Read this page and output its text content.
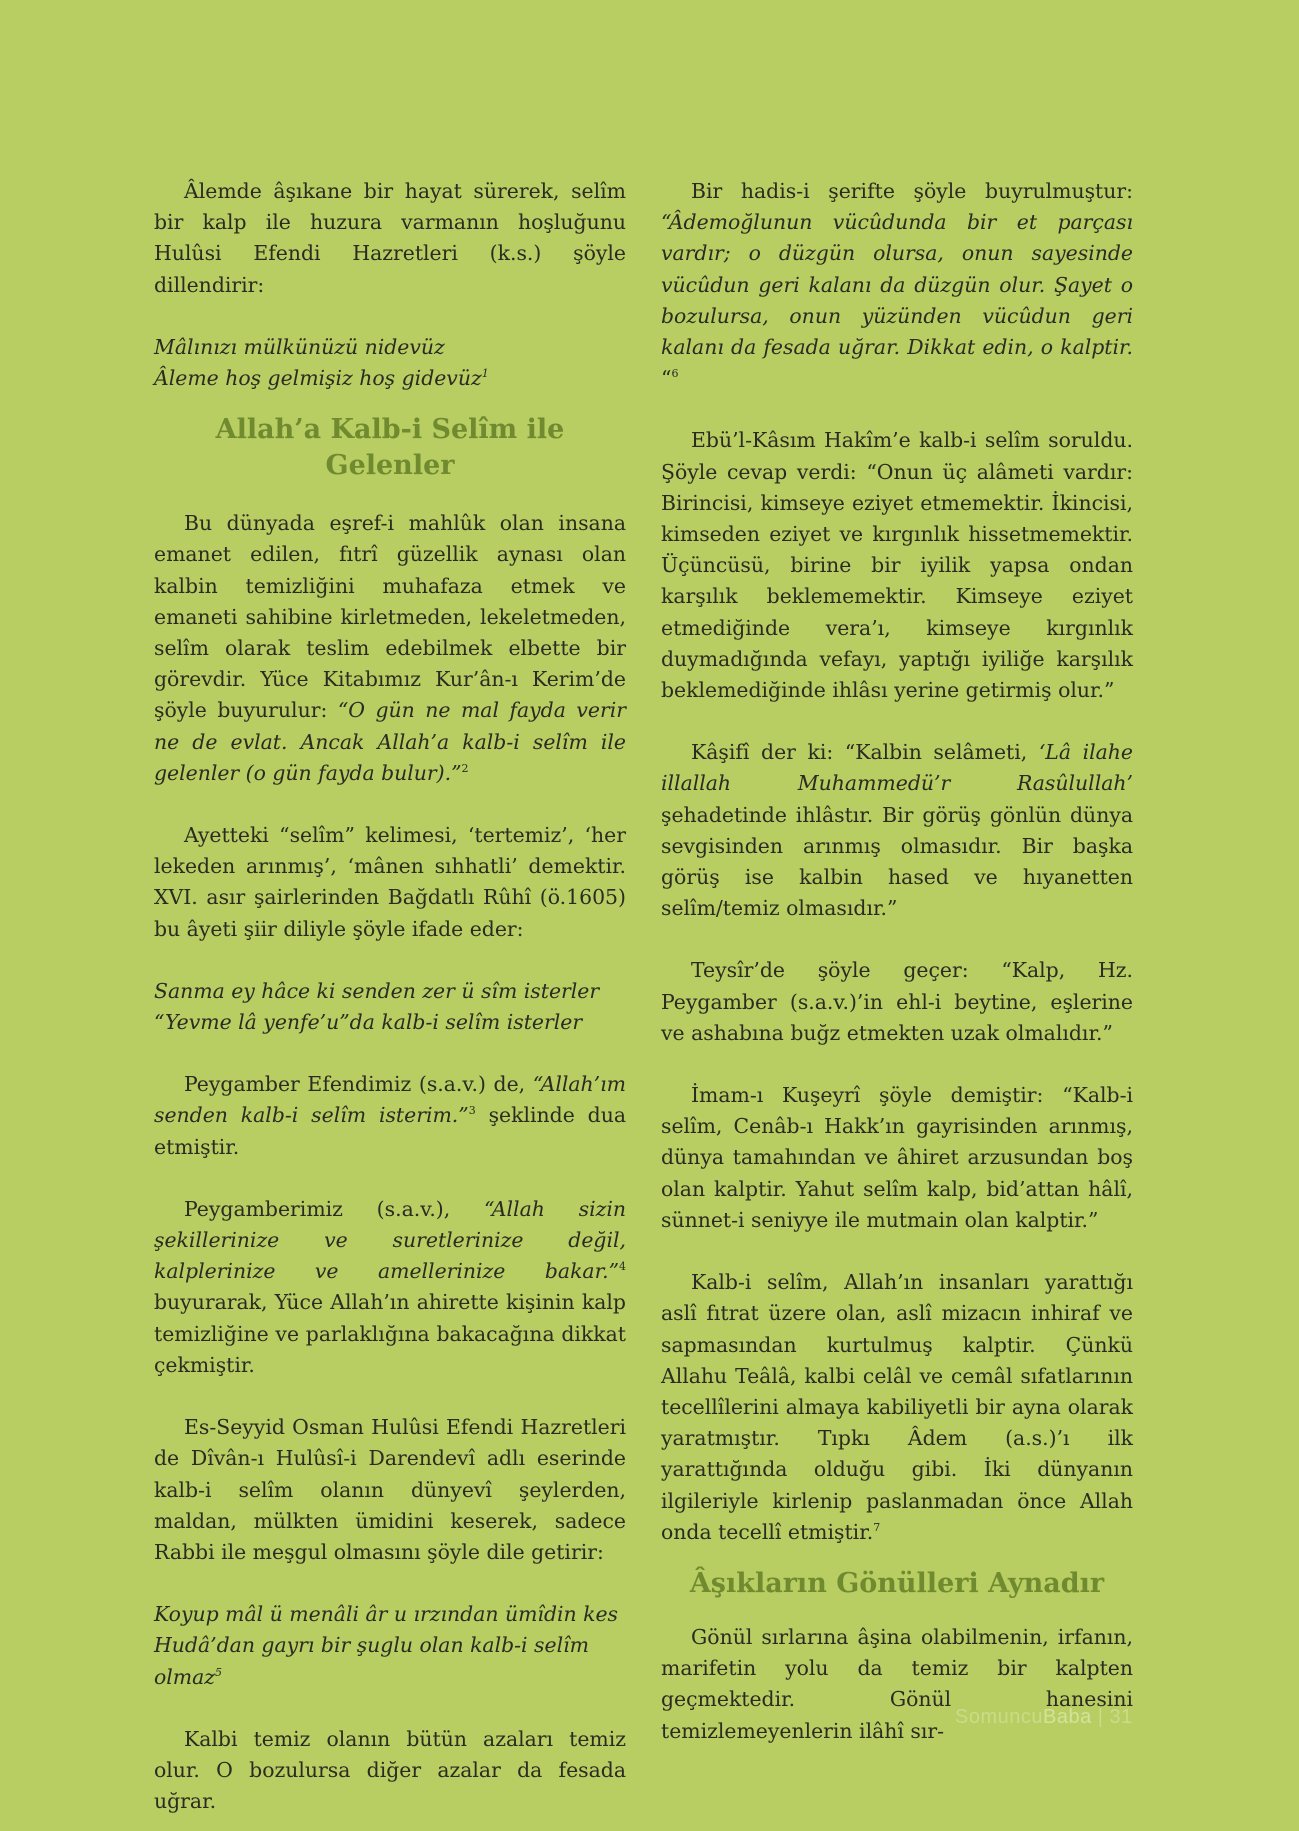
Âlemde âşıkane bir hayat sürerek, selîm bir kalp ile huzura varmanın hoşluğunu Hulûsi Efendi Hazretleri (k.s.) şöyle dillendirir:

Mâlınızı mülkünüzü nidevüz

Âleme hoş gelmişiz hoş gidevüz$^1$

Allah’a Kalb-i Selîm ile Gelenler

Bu dünyada eşref-i mahlûk olan insana emanet edilen, fıtrî güzellik aynası olan kalbin temizliğini muhafaza etmek ve emaneti sahibine kirletmeden, lekeletmeden, selîm olarak teslim edebilmek elbette bir görevdir. Yüce Kitabımız Kur’ân-ı Kerim’de şöyle buyurulur: “O gün ne mal fayda verir ne de evlat. Ancak Allah’a kalb-i selîm ile gelenler (o gün fayda bulur).”$^2$

Ayetteki “selîm” kelimesi, ‘tertemiz’, ‘her lekeden arınmış’, ‘mânen sıhhatli’ demektir. XVI. asır şairlerinden Bağdatlı Rûhî (ö.1605) bu âyeti şiir diliyle şöyle ifade eder:

Sanma ey hâce ki senden zer ü sîm isterler

“Yevme lâ yenfe’u”da kalb-i selîm isterler

Peygamber Efendimiz (s.a.v.) de, “Allah’ım senden kalb-i selîm isterim.”$^3$ şeklinde dua etmiştir.

Peygamberimiz (s.a.v.), “Allah sizin şekillerinize ve suretlerinize değil, kalplerinize ve amellerinize bakar.”$^4$ buyurarak, Yüce Allah’ın ahirette kişinin kalp temizliğine ve parlaklığına bakacağına dikkat çekmiştir.

Es-Seyyid Osman Hulûsi Efendi Hazretleri de Dîvân-ı Hulûsî-i Darendevî adlı eserinde kalb-i selîm olanın dünyevî şeylerden, maldan, mülkten ümidini keserek, sadece Rabbi ile meşgul olmasını şöyle dile getirir:

Koyup mâl ü menâli âr u ırzından ümîdin kes

Hudâ’dan gayrı bir şuglu olan kalb-i selîm olmaz$^5$

Kalbi temiz olanın bütün azaları temiz olur. O bozulursa diğer azalar da fesada uğrar.

Bir hadis-i şerifte şöyle buyrulmuştur: “Âdemoğlunun vücûdunda bir et parçası vardır; o düzgün olursa, onun sayesinde vücûdun geri kalanı da düzgün olur. Şayet o bozulursa, onun yüzünden vücûdun geri kalanı da fesada uğrar. Dikkat edin, o kalptir. “$^6$

Ebü’l-Kâsım Hakîm’e kalb-i selîm soruldu. Şöyle cevap verdi: “Onun üç alâmeti vardır: Birincisi, kimseye eziyet etmemektir. İkincisi, kimseden eziyet ve kırgınlık hissetmemektir. Üçüncüsü, birine bir iyilik yapsa ondan karşılık beklememektir. Kimseye eziyet etmediğinde vera’ı, kimseye kırgınlık duymadığında vefayı, yaptığı iyiliğe karşılık beklemediğinde ihlâsı yerine getirmiş olur.”

Kâşifî der ki: “Kalbin selâmeti, ‘Lâ ilahe illallah Muhammedü’r Rasûlullah’ şehadetinde ihlâstır. Bir görüş gönlün dünya sevgisinden arınmış olmasıdır. Bir başka görüş ise kalbin hased ve hıyanetten selîm/temiz olmasıdır.”

Teysîr’de şöyle geçer: “Kalp, Hz. Peygamber (s.a.v.)’in ehl-i beytine, eşlerine ve ashabına buğz etmekten uzak olmalıdır.”

İmam-ı Kuşeyrî şöyle demiştir: “Kalb-i selîm, Cenâb-ı Hakk’ın gayrisinden arınmış, dünya tamahından ve âhiret arzusundan boş olan kalptir. Yahut selîm kalp, bid’attan hâlî, sünnet-i seniyye ile mutmain olan kalptir.”

Kalb-i selîm, Allah’ın insanları yarattığı aslî fıtrat üzere olan, aslî mizacın inhiraf ve sapmasından kurtulmuş kalptir. Çünkü Allahu Teâlâ, kalbi celâl ve cemâl sıfatlarının tecellîlerini almaya kabiliyetli bir ayna olarak yaratmıştır. Tıpkı Âdem (a.s.)’ı ilk yarattığında olduğu gibi. İki dünyanın ilgileriyle kirlenip paslanmadan önce Allah onda tecellî etmiştir.$^7$

Âşıkların Gönülleri Aynadır

Gönül sırlarına âşina olabilmenin, irfanın, marifetin yolu da temiz bir kalpten geçmektedir. Gönül hanesini temizlemeyenlerin ilâhî sır-

SomuncuBaba | 31
